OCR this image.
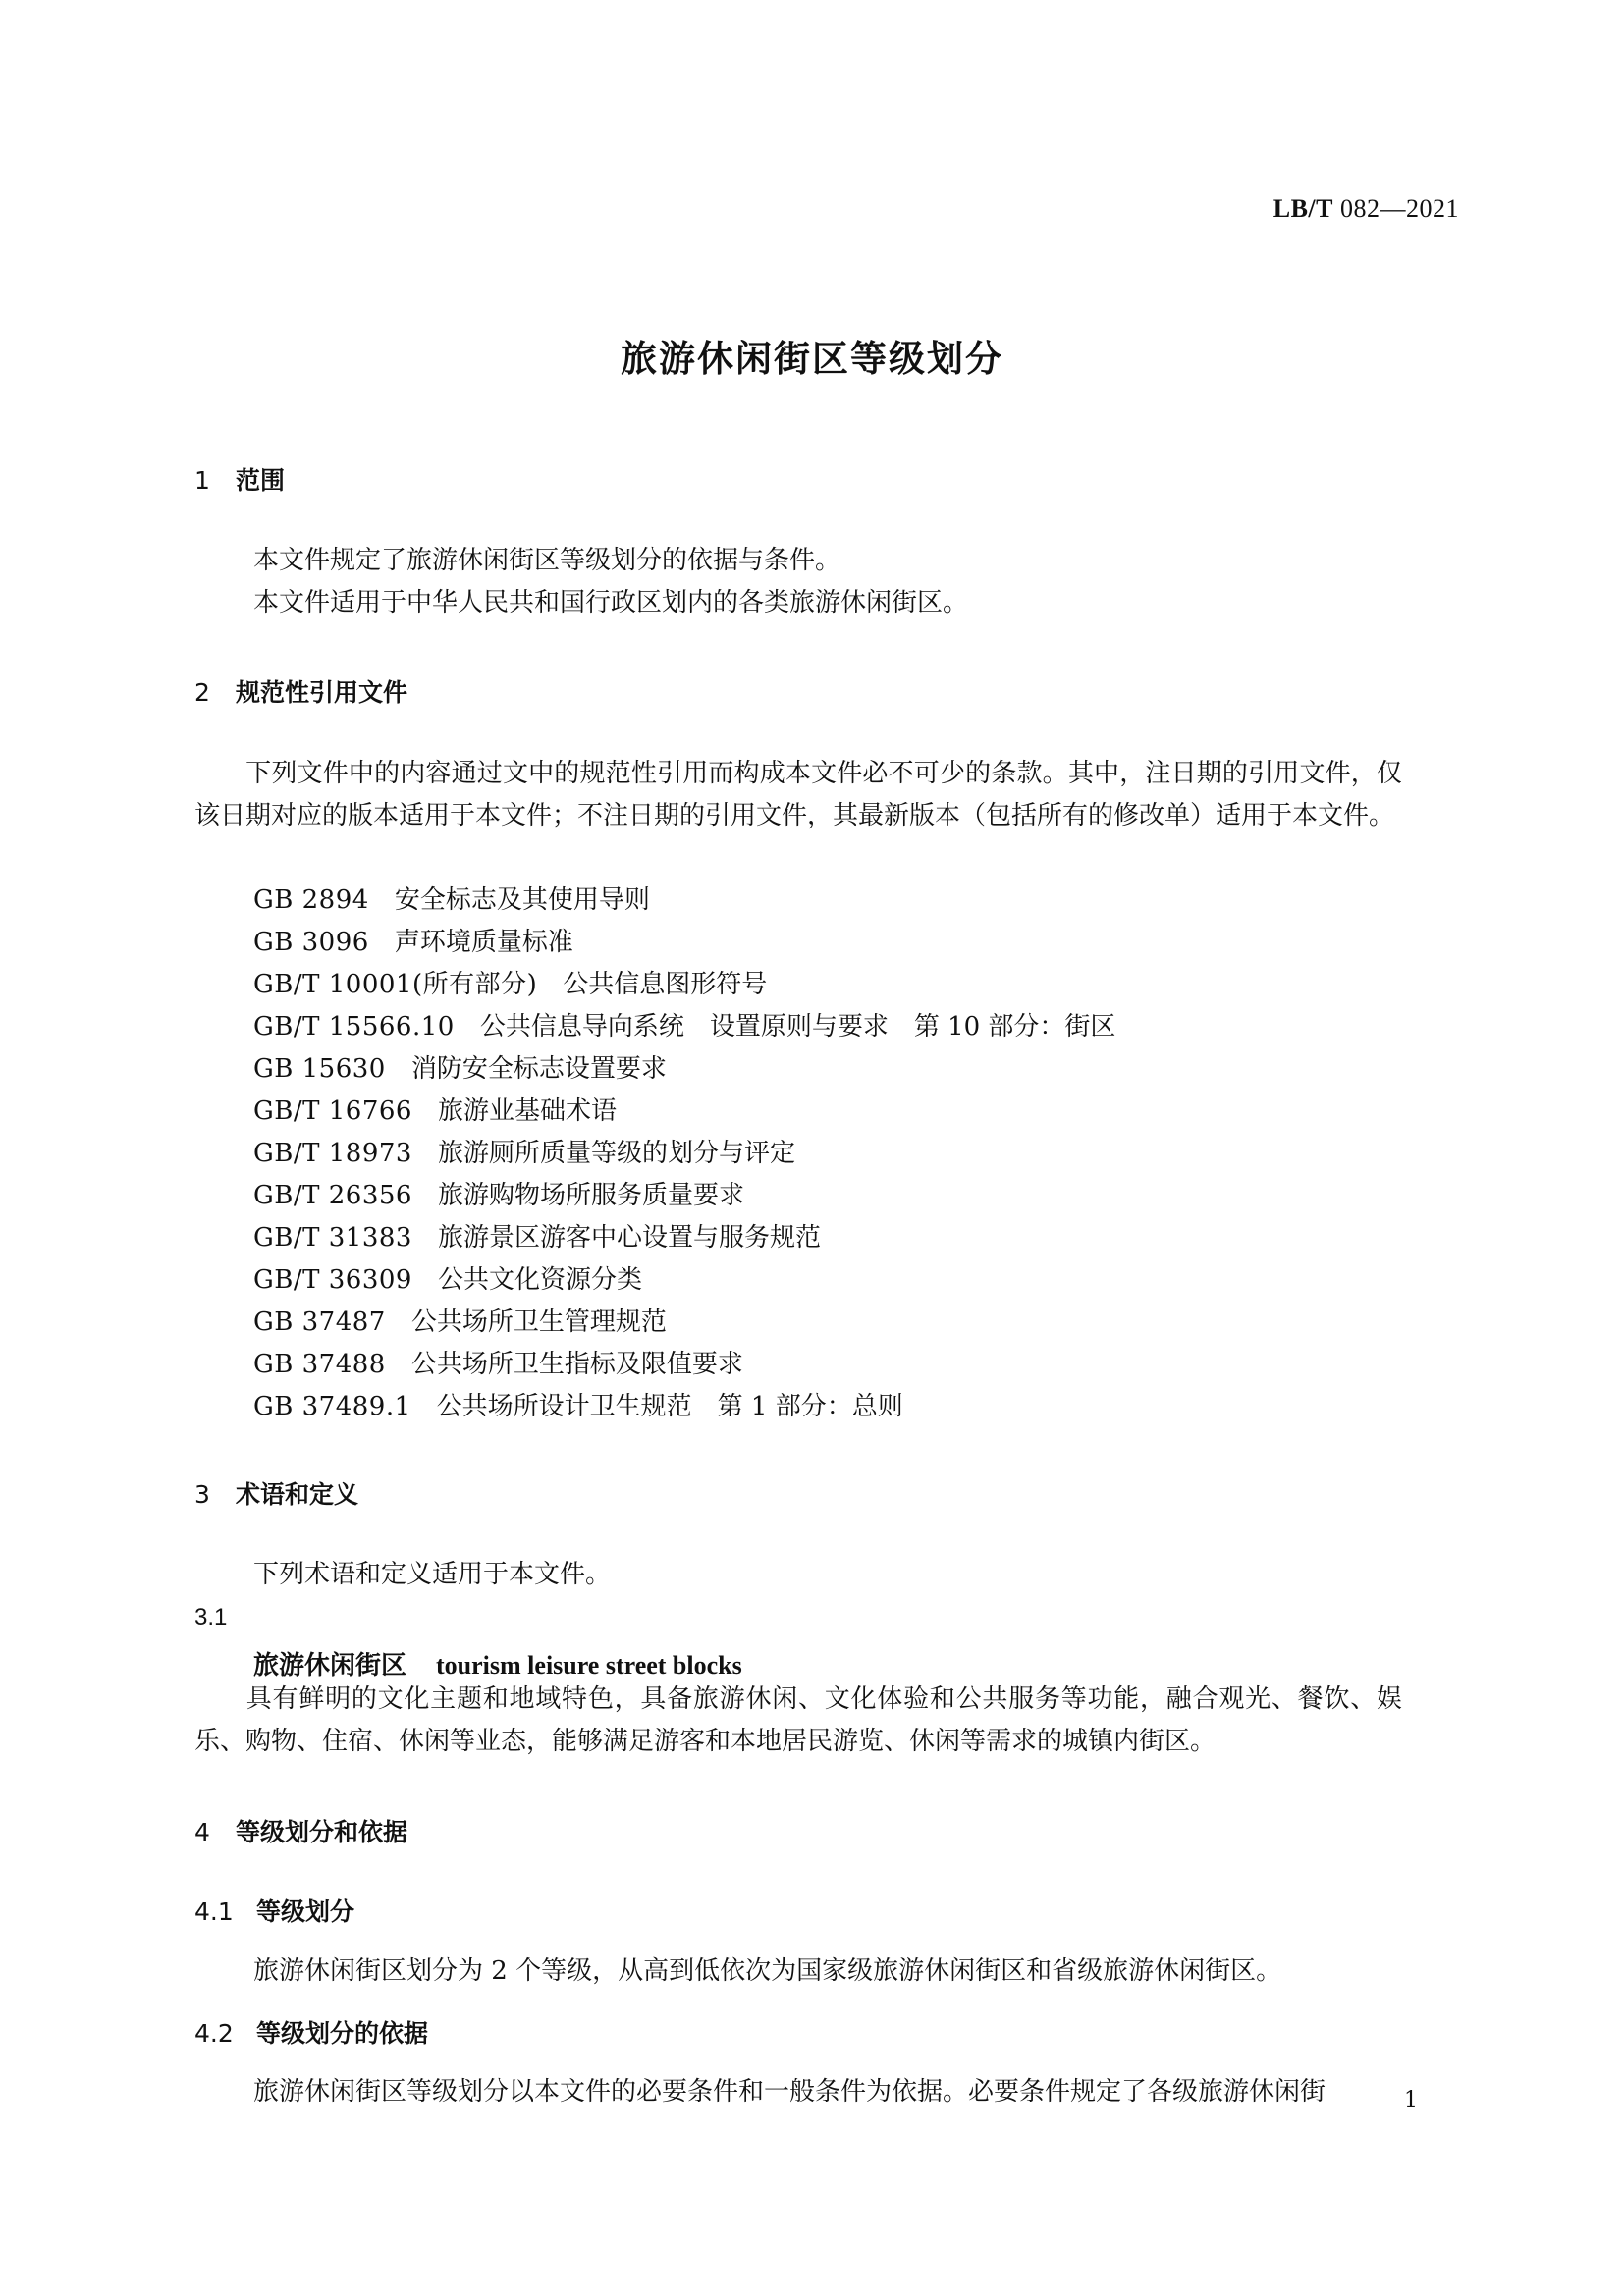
LB/T 082—2021
旅游休闲街区等级划分
1 范围
本文件规定了旅游休闲街区等级划分的依据与条件。
本文件适用于中华人民共和国行政区划内的各类旅游休闲街区。
2 规范性引用文件
下列文件中的内容通过文中的规范性引用而构成本文件必不可少的条款。其中，注日期的引用文件，仅该日期对应的版本适用于本文件；不注日期的引用文件，其最新版本（包括所有的修改单）适用于本文件。
GB 2894 安全标志及其使用导则
GB 3096 声环境质量标准
GB/T 10001(所有部分) 公共信息图形符号
GB/T 15566.10 公共信息导向系统　设置原则与要求　第 10 部分：街区
GB 15630 消防安全标志设置要求
GB/T 16766 旅游业基础术语
GB/T 18973 旅游厕所质量等级的划分与评定
GB/T 26356 旅游购物场所服务质量要求
GB/T 31383 旅游景区游客中心设置与服务规范
GB/T 36309 公共文化资源分类
GB 37487 公共场所卫生管理规范
GB 37488 公共场所卫生指标及限值要求
GB 37489.1 公共场所设计卫生规范　第 1 部分：总则
3 术语和定义
下列术语和定义适用于本文件。
3.1
旅游休闲街区 tourism leisure street blocks
具有鲜明的文化主题和地域特色，具备旅游休闲、文化体验和公共服务等功能，融合观光、餐饮、娱乐、购物、住宿、休闲等业态，能够满足游客和本地居民游览、休闲等需求的城镇内街区。
4 等级划分和依据
4.1 等级划分
旅游休闲街区划分为 2 个等级，从高到低依次为国家级旅游休闲街区和省级旅游休闲街区。
4.2 等级划分的依据
旅游休闲街区等级划分以本文件的必要条件和一般条件为依据。必要条件规定了各级旅游休闲街	1
